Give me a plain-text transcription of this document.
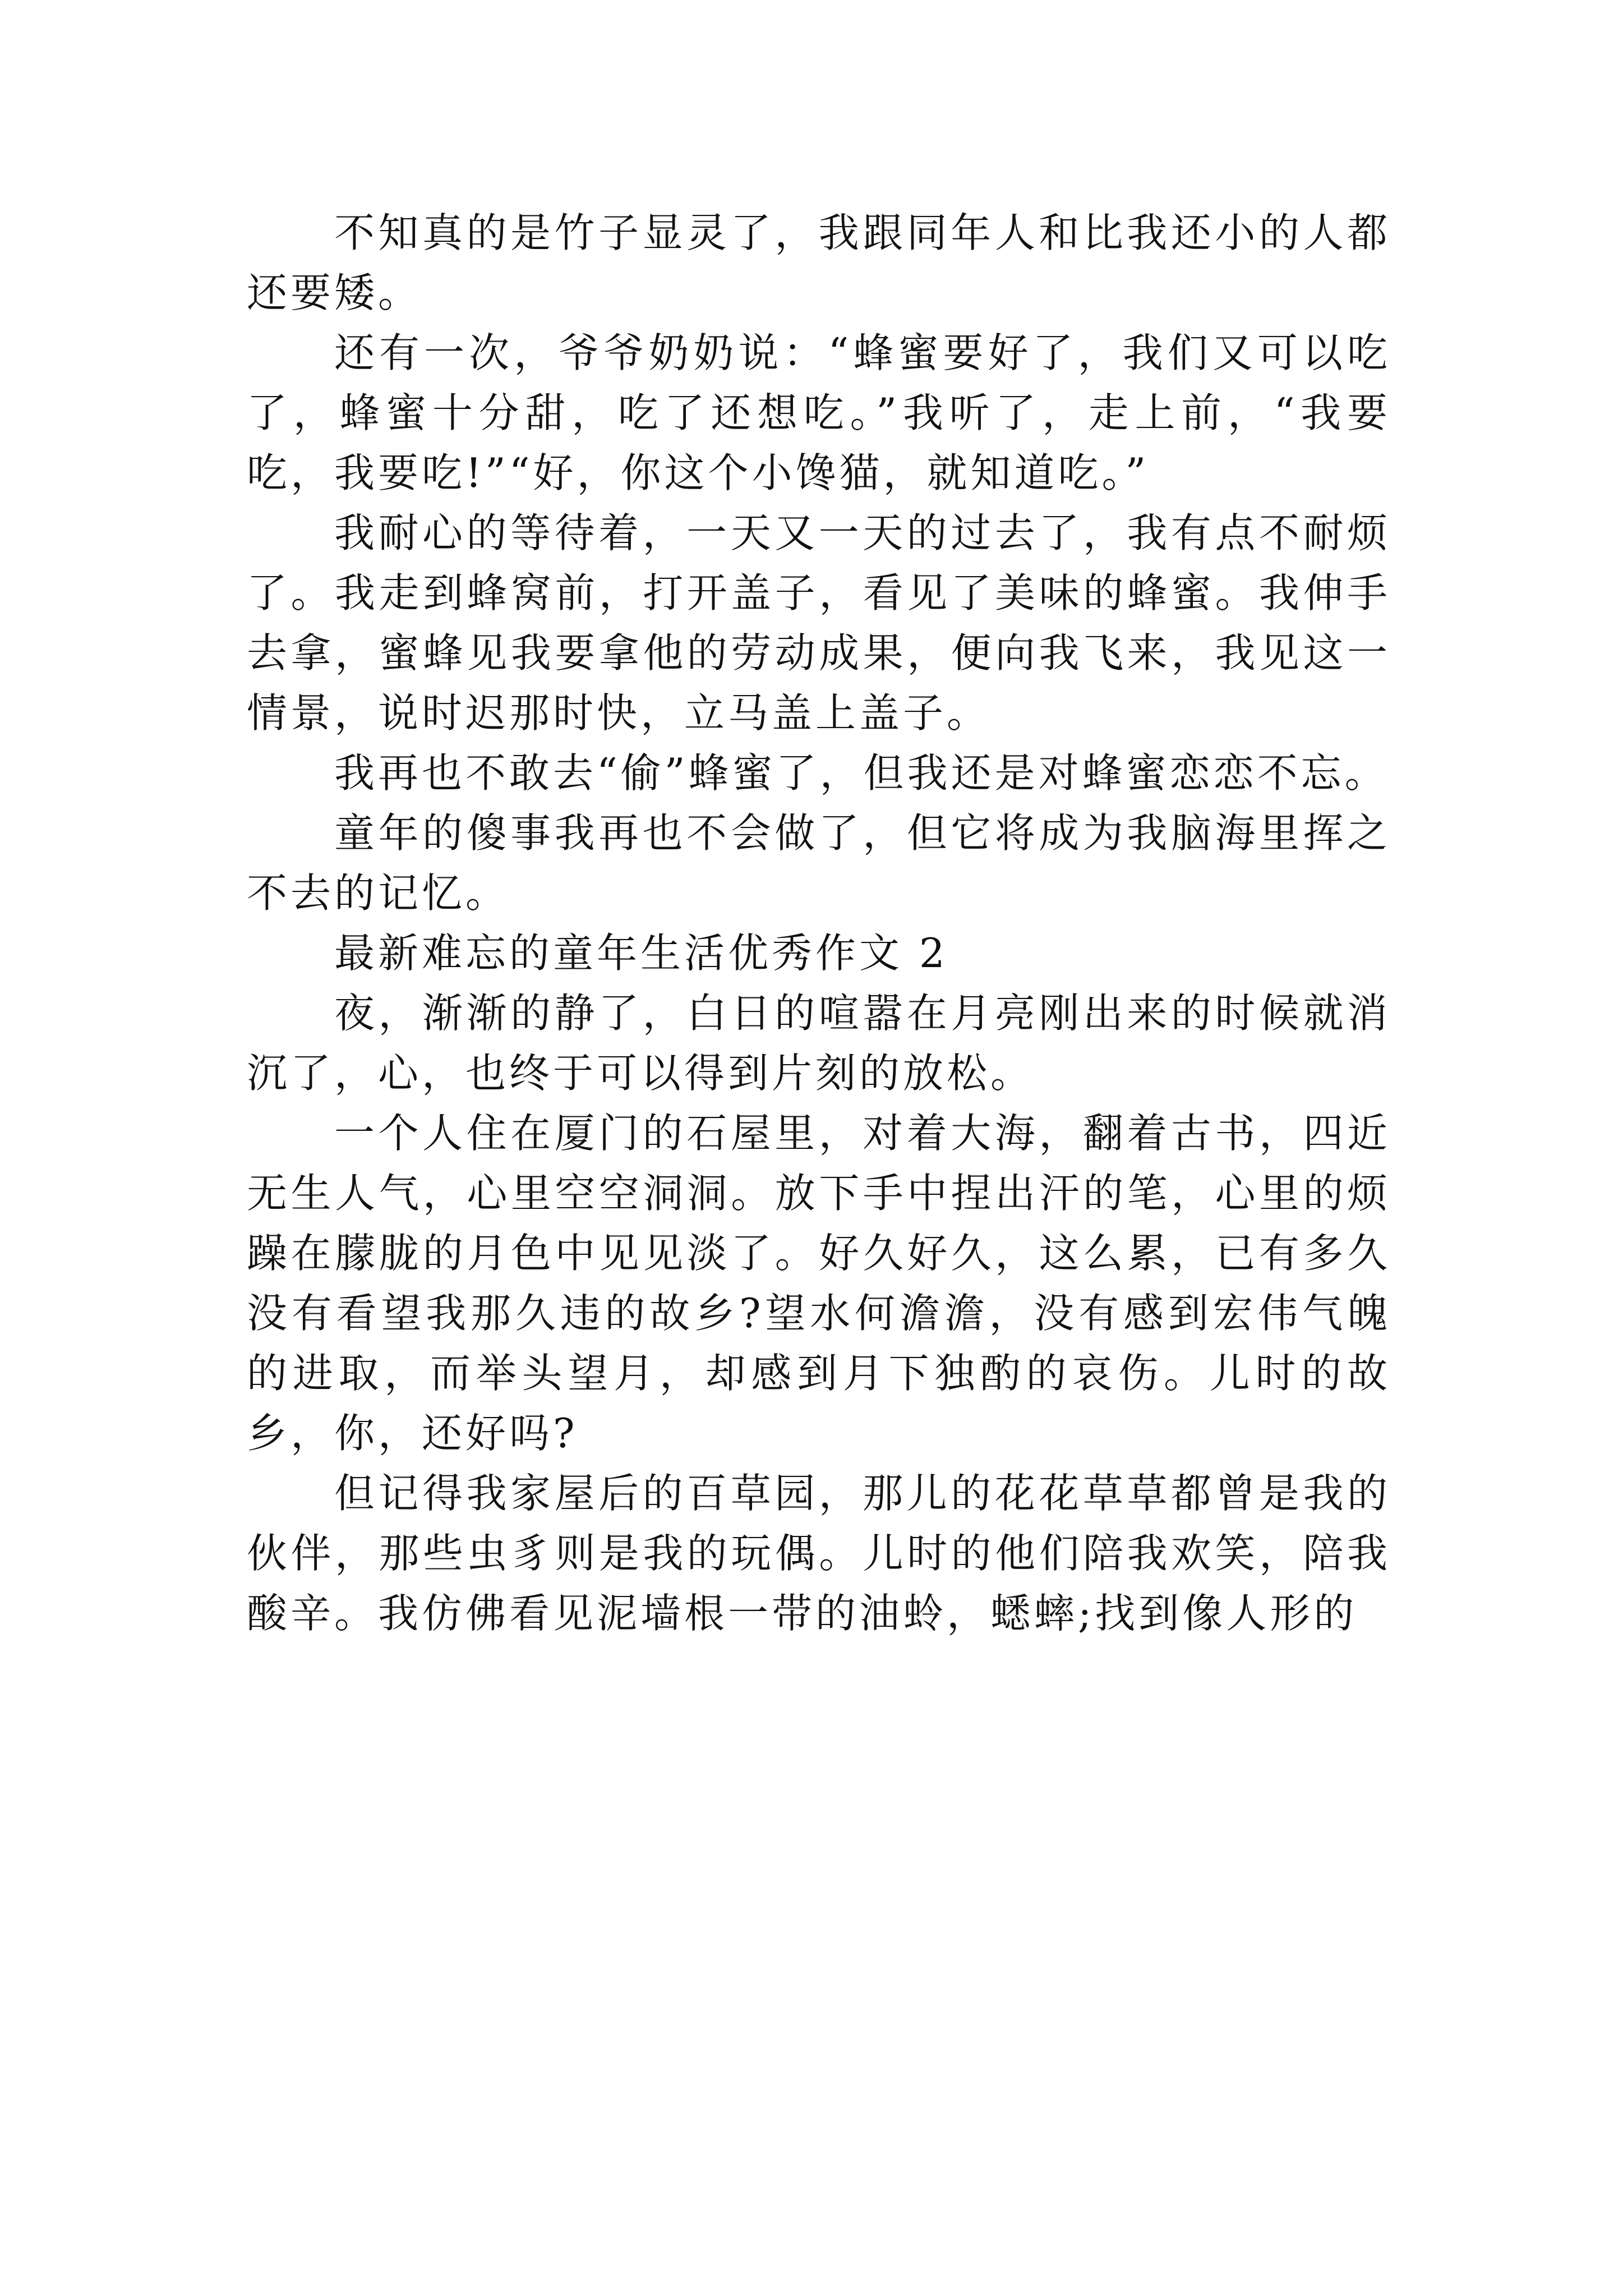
不知真的是竹子显灵了，我跟同年人和比我还小的人都还要矮。

还有一次，爷爷奶奶说：“蜂蜜要好了，我们又可以吃了，蜂蜜十分甜，吃了还想吃。”我听了，走上前，“我要吃，我要吃!”“好，你这个小馋猫，就知道吃。”

我耐心的等待着，一天又一天的过去了，我有点不耐烦了。我走到蜂窝前，打开盖子，看见了美味的蜂蜜。我伸手去拿，蜜蜂见我要拿他的劳动成果，便向我飞来，我见这一情景，说时迟那时快，立马盖上盖子。

我再也不敢去“偷”蜂蜜了，但我还是对蜂蜜恋恋不忘。

童年的傻事我再也不会做了，但它将成为我脑海里挥之不去的记忆。

最新难忘的童年生活优秀作文 2

夜，渐渐的静了，白日的喧嚣在月亮刚出来的时候就消沉了，心，也终于可以得到片刻的放松。

一个人住在厦门的石屋里，对着大海，翻着古书，四近无生人气，心里空空洞洞。放下手中捏出汗的笔，心里的烦躁在朦胧的月色中见见淡了。好久好久，这么累，已有多久没有看望我那久违的故乡?望水何澹澹，没有感到宏伟气魄的进取，而举头望月，却感到月下独酌的哀伤。儿时的故乡，你，还好吗?

但记得我家屋后的百草园，那儿的花花草草都曾是我的伙伴，那些虫豸则是我的玩偶。儿时的他们陪我欢笑，陪我酸辛。我仿佛看见泥墙根一带的油蛉，蟋蟀;找到像人形的
